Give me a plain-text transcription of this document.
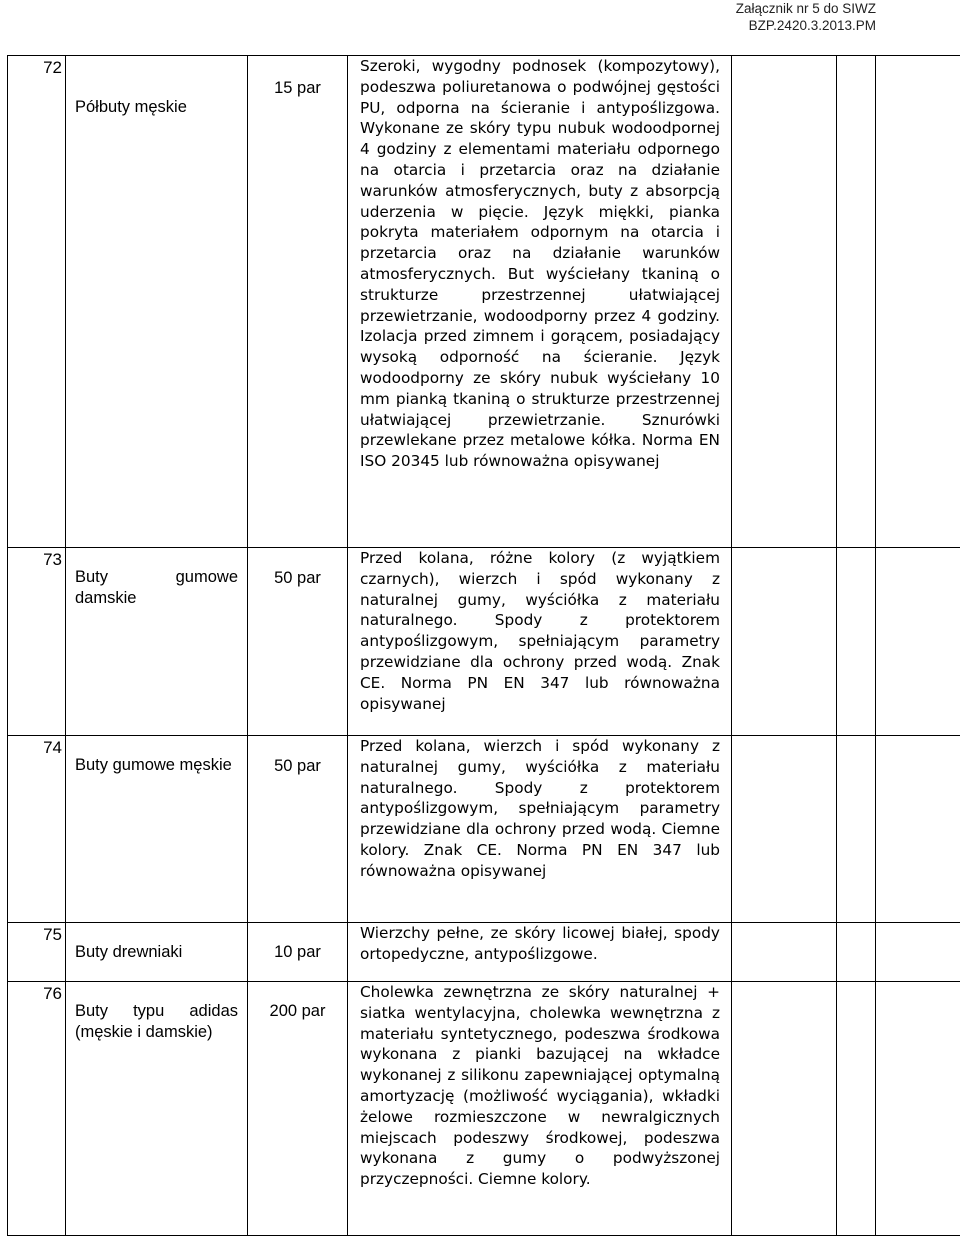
Załącznik nr 5 do SIWZ
BZP.2420.3.2013.PM
72	Półbuty męskie	15 par	Szeroki, wygodny podnosek (kompozytowy), podeszwa poliuretanowa o podwójnej gęstości PU, odporna na ścieranie i antypoślizgowa. Wykonane ze skóry typu nubuk wodoodpornej 4 godziny z elementami materiału odpornego na otarcia i przetarcia oraz na działanie warunków atmosferycznych, buty z absorpcją uderzenia w pięcie. Język miękki, pianka pokryta materiałem odpornym na otarcia i przetarcia oraz na działanie warunków atmosferycznych. But wyściełany tkaniną o strukturze przestrzennej ułatwiającej przewietrzanie, wodoodporny przez 4 godziny. Izolacja przed zimnem i gorącem, posiadający wysoką odporność na ścieranie. Język wodoodporny ze skóry nubuk wyściełany 10 mm pianką tkaniną o strukturze przestrzennej ułatwiającej przewietrzanie. Sznurówki przewlekane przez metalowe kółka. Norma EN ISO 20345 lub równoważna opisywanej			

73	Buty gumowe damskie	50 par	Przed kolana, różne kolory (z wyjątkiem czarnych), wierzch i spód wykonany z naturalnej gumy, wyściółka z materiału naturalnego. Spody z protektorem antypoślizgowym, spełniającym parametry przewidziane dla ochrony przed wodą. Znak CE. Norma PN EN 347 lub równoważna opisywanej			

74	Buty gumowe męskie	50 par	Przed kolana, wierzch i spód wykonany z naturalnej gumy, wyściółka z materiału naturalnego. Spody z protektorem antypoślizgowym, spełniającym parametry przewidziane dla ochrony przed wodą. Ciemne kolory. Znak CE. Norma PN EN 347 lub równoważna opisywanej			

75	Buty drewniaki	10 par	Wierzchy pełne, ze skóry licowej białej, spody ortopedyczne, antypoślizgowe.			

76	Buty typu adidas (męskie i damskie)	200 par	Cholewka zewnętrzna ze skóry naturalnej + siatka wentylacyjna, cholewka wewnętrzna z materiału syntetycznego, podeszwa środkowa wykonana z pianki bazującej na wkładce wykonanej z silikonu zapewniającej optymalną amortyzację (możliwość wyciągania), wkładki żelowe rozmieszczone w newralgicznych miejscach podeszwy środkowej, podeszwa wykonana z gumy o podwyższonej przyczepności. Ciemne kolory.			
